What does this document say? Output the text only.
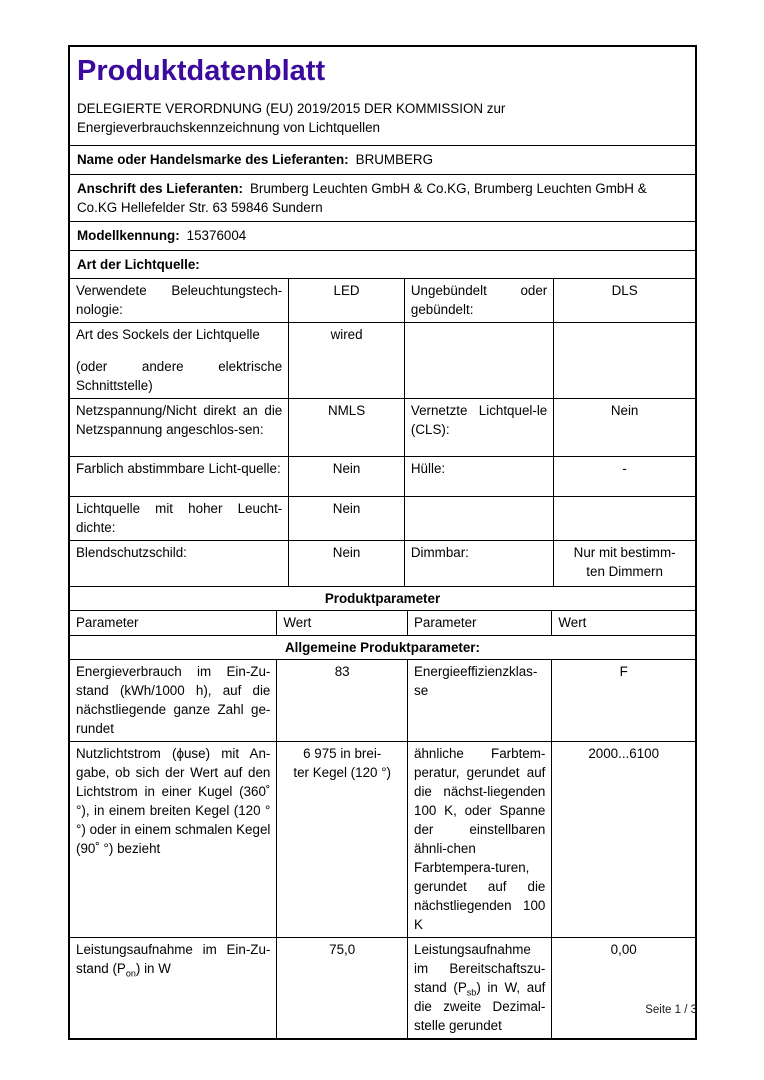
Produktdatenblatt
DELEGIERTE VERORDNUNG (EU) 2019/2015 DER KOMMISSION zur
Energieverbrauchskennzeichnung von Lichtquellen
Name oder Handelsmarke des Lieferanten: BRUMBERG
Anschrift des Lieferanten: Brumberg Leuchten GmbH & Co.KG, Brumberg Leuchten GmbH &
Co.KG Hellefelder Str. 63 59846 Sundern
Modellkennung: 15376004
Art der Lichtquelle:
Verwendete Beleuchtungstech-nologie:	LED	Ungebündelt oder gebündelt:	DLS

Art des Sockels der Lichtquelle
(oder andere elektrische Schnittstelle)	wired		
Netzspannung/Nicht direkt an die Netzspannung angeschlos-sen:	NMLS	Vernetzte Lichtquel-le (CLS):	Nein
Farblich abstimmbare Licht-quelle:	Nein	Hülle:	-
Lichtquelle mit hoher Leucht-dichte:	Nein		
Blendschutzschild:	Nein	Dimmbar:	Nur mit bestimm-
ten Dimmern
Produktparameter			
Parameter	Wert	Parameter	Wert
Allgemeine Produktparameter:			
Energieverbrauch im Ein-Zu-stand (kWh/1000 h), auf die nächstliegende ganze Zahl ge-rundet	83	Energieeffizienzklas-se	F
Nutzlichtstrom (ϕuse) mit An-gabe, ob sich der Wert auf den Lichtstrom in einer Kugel (360˚ °), in einem breiten Kegel (120 °°) oder in einem schmalen Kegel (90˚ °) bezieht	6 975 in brei-
ter Kegel (120 °)	ähnliche Farbtem-peratur, gerundet auf die nächst-liegenden 100 K, oder Spanne der einstellbaren ähnli-chen Farbtempera-turen, gerundet auf die nächstliegenden 100 K	2000...6100
Leistungsaufnahme im Ein-Zu-stand $(P_{on})$ in W	75,0	Leistungsaufnahme im Bereitschaftszu-stand $(P_{sb})$ in W, auf die zweite Dezimal-stelle gerundet	0,00
Seite 1 / 3
